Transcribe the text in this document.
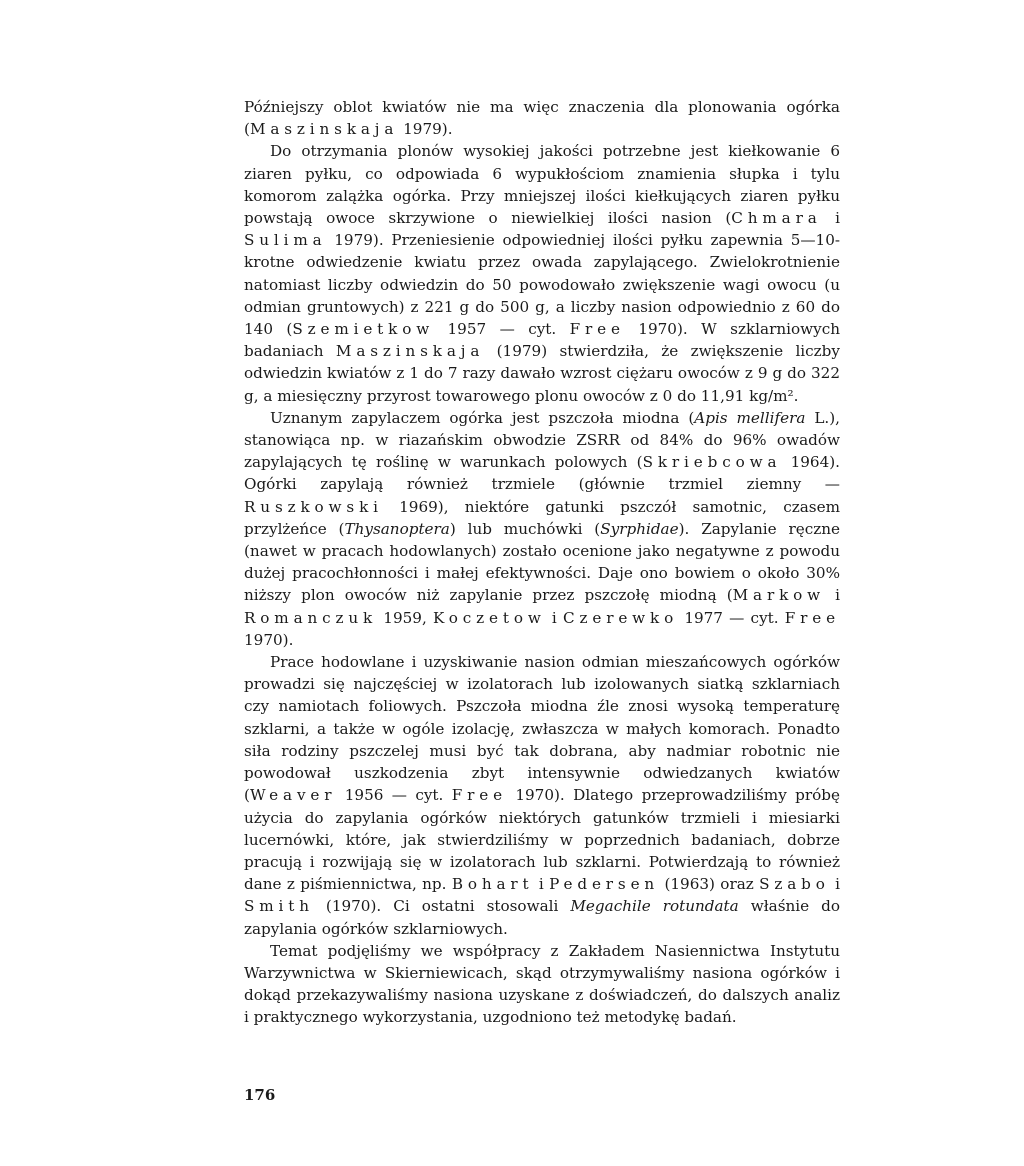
Późniejszy oblot kwiatów nie ma więc znaczenia dla plonowania ogórka (Maszinskaja 1979).

Do otrzymania plonów wysokiej jakości potrzebne jest kiełkowanie 6 ziaren pyłku, co odpowiada 6 wypukłościom znamienia słupka i tylu komorom zalążka ogórka. Przy mniejszej ilości kiełkujących ziaren pyłku powstają owoce skrzywione o niewielkiej ilości nasion (Chmara i Sulima 1979). Przeniesienie odpowiedniej ilości pyłku zapewnia 5—10-krotne odwiedzenie kwiatu przez owada zapylającego. Zwielokrotnienie natomiast liczby odwiedzin do 50 powodowało zwiększenie wagi owocu (u odmian gruntowych) z 221 g do 500 g, a liczby nasion odpowiednio z 60 do 140 (Szemietkow 1957 — cyt. Free 1970). W szklarniowych badaniach Maszinskaja (1979) stwierdziła, że zwiększenie liczby odwiedzin kwiatów z 1 do 7 razy dawało wzrost ciężaru owoców z 9 g do 322 g, a miesięczny przyrost towarowego plonu owoców z 0 do 11,91 kg/m².

Uznanym zapylaczem ogórka jest pszczoła miodna (Apis mellifera L.), stanowiąca np. w riazańskim obwodzie ZSRR od 84% do 96% owadów zapylających tę roślinę w warunkach polowych (Skriebcowa 1964). Ogórki zapylają również trzmiele (głównie trzmiel ziemny — Ruszkowski 1969), niektóre gatunki pszczół samotnic, czasem przylżeńce (Thysanoptera) lub muchówki (Syrphidae). Zapylanie ręczne (nawet w pracach hodowlanych) zostało ocenione jako negatywne z powodu dużej pracochłonności i małej efektywności. Daje ono bowiem o około 30% niższy plon owoców niż zapylanie przez pszczołę miodną (Markow i Romanczuk 1959, Koczetow i Czerewko 1977 — cyt. Free 1970).

Prace hodowlane i uzyskiwanie nasion odmian mieszańcowych ogórków prowadzi się najczęściej w izolatorach lub izolowanych siatką szklarniach czy namiotach foliowych. Pszczoła miodna źle znosi wysoką temperaturę szklarni, a także w ogóle izolację, zwłaszcza w małych komorach. Ponadto siła rodziny pszczelej musi być tak dobrana, aby nadmiar robotnic nie powodował uszkodzenia zbyt intensywnie odwiedzanych kwiatów (Weaver 1956 — cyt. Free 1970). Dlatego przeprowadziliśmy próbę użycia do zapylania ogórków niektórych gatunków trzmieli i miesiarki lucernówki, które, jak stwierdziliśmy w poprzednich badaniach, dobrze pracują i rozwijają się w izolatorach lub szklarni. Potwierdzają to również dane z piśmiennictwa, np. Bohart i Pedersen (1963) oraz Szabo i Smith (1970). Ci ostatni stosowali Megachile rotundata właśnie do zapylania ogórków szklarniowych.

Temat podjęliśmy we współpracy z Zakładem Nasiennictwa Instytutu Warzywnictwa w Skierniewicach, skąd otrzymywaliśmy nasiona ogórków i dokąd przekazywaliśmy nasiona uzyskane z doświadczeń, do dalszych analiz i praktycznego wykorzystania, uzgodniono też metodykę badań.

176
